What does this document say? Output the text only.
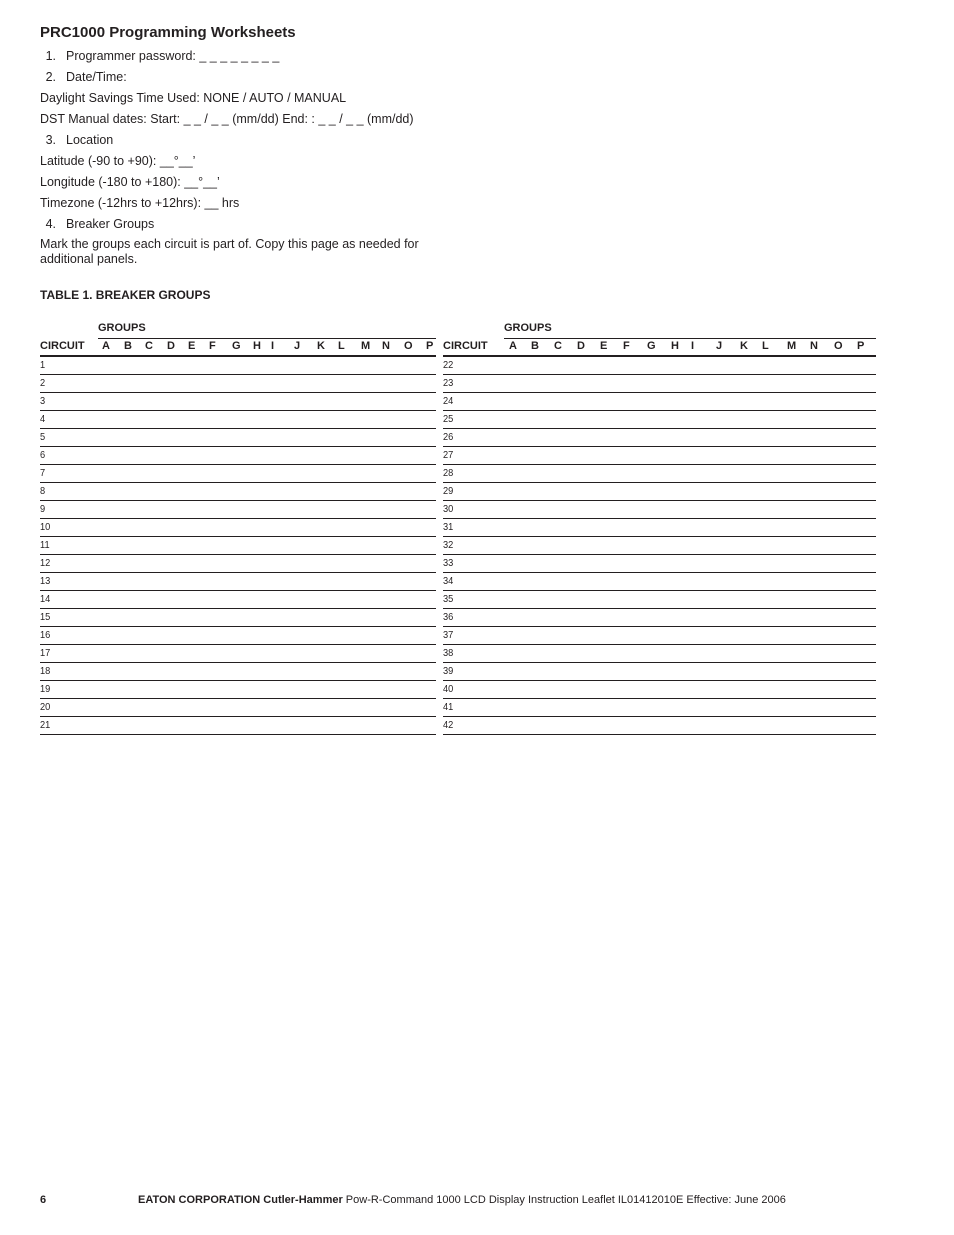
PRC1000 Programming Worksheets
1. Programmer password: _ _ _ _ _ _ _ _
2. Date/Time:
Daylight Savings Time Used: NONE / AUTO / MANUAL
DST Manual dates: Start: _ _ / _ _ (mm/dd) End: : _ _ / _ _ (mm/dd)
3. Location
Latitude (-90 to +90): __°__’
Longitude (-180 to +180): __°__’
Timezone (-12hrs to +12hrs): __ hrs
4. Breaker Groups
Mark the groups each circuit is part of. Copy this page as needed for additional panels.
TABLE 1. BREAKER GROUPS
GROUPS
CIRCUIT A B C D E F G H I J K L M N O P
1
2
3
4
5
6
7
8
9
10
11
12
13
14
15
16
17
18
19
20
21
GROUPS
CIRCUIT A B C D E F G H I J K L M N O P
22
23
24
25
26
27
28
29
30
31
32
33
34
35
36
37
38
39
40
41
42
6	EATON CORPORATION Cutler-Hammer Pow-R-Command 1000 LCD Display Instruction Leaflet IL01412010E Effective: June 2006
